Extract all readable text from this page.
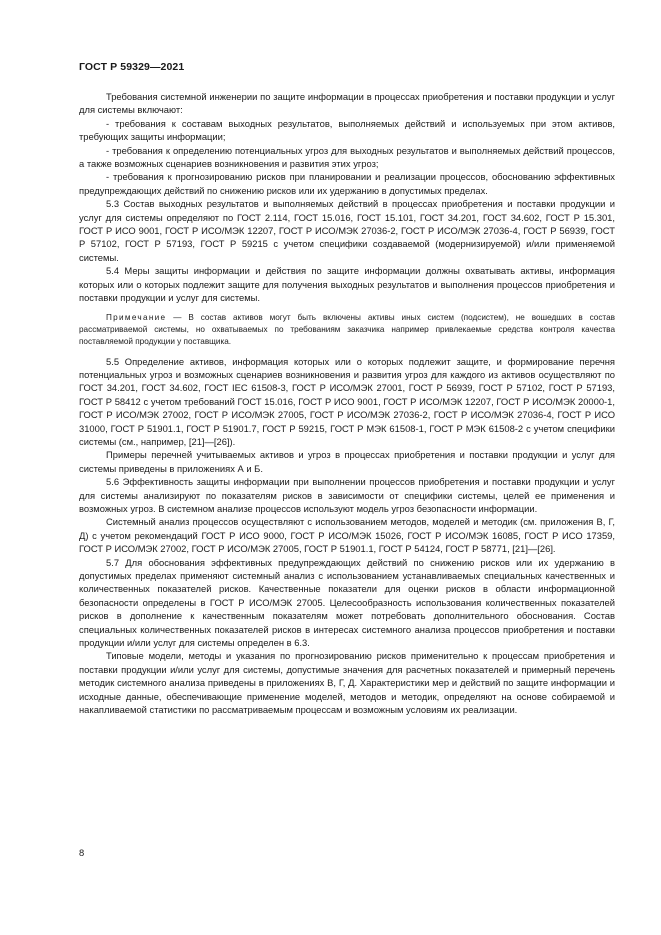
ГОСТ Р 59329—2021

Требования системной инженерии по защите информации в процессах приобретения и поставки продукции и услуг для системы включают:

- требования к составам выходных результатов, выполняемых действий и используемых при этом активов, требующих защиты информации;

- требования к определению потенциальных угроз для выходных результатов и выполняемых действий процессов, а также возможных сценариев возникновения и развития этих угроз;

- требования к прогнозированию рисков при планировании и реализации процессов, обоснованию эффективных предупреждающих действий по снижению рисков или их удержанию в допустимых пределах.

5.3 Состав выходных результатов и выполняемых действий в процессах приобретения и поставки продукции и услуг для системы определяют по ГОСТ 2.114, ГОСТ 15.016, ГОСТ 15.101, ГОСТ 34.201, ГОСТ 34.602, ГОСТ Р 15.301, ГОСТ Р ИСО 9001, ГОСТ Р ИСО/МЭК 12207, ГОСТ Р ИСО/МЭК 27036-2, ГОСТ Р ИСО/МЭК 27036-4, ГОСТ Р 56939, ГОСТ Р 57102, ГОСТ Р 57193, ГОСТ Р 59215 с учетом специфики создаваемой (модернизируемой) и/или применяемой системы.

5.4 Меры защиты информации и действия по защите информации должны охватывать активы, информация которых или о которых подлежит защите для получения выходных результатов и выполнения процессов приобретения и поставки продукции и услуг для системы.

Примечание — В состав активов могут быть включены активы иных систем (подсистем), не вошедших в состав рассматриваемой системы, но охватываемых по требованиям заказчика например привлекаемые средства контроля качества поставляемой продукции у поставщика.

5.5 Определение активов, информация которых или о которых подлежит защите, и формирование перечня потенциальных угроз и возможных сценариев возникновения и развития угроз для каждого из активов осуществляют по ГОСТ 34.201, ГОСТ 34.602, ГОСТ IEC 61508-3, ГОСТ Р ИСО/МЭК 27001, ГОСТ Р 56939, ГОСТ Р 57102, ГОСТ Р 57193, ГОСТ Р 58412 с учетом требований ГОСТ 15.016, ГОСТ Р ИСО 9001, ГОСТ Р ИСО/МЭК 12207, ГОСТ Р ИСО/МЭК 20000-1, ГОСТ Р ИСО/МЭК 27002, ГОСТ Р ИСО/МЭК 27005, ГОСТ Р ИСО/МЭК 27036-2, ГОСТ Р ИСО/МЭК 27036-4, ГОСТ Р ИСО 31000, ГОСТ Р 51901.1, ГОСТ Р 51901.7, ГОСТ Р 59215, ГОСТ Р МЭК 61508-1, ГОСТ Р МЭК 61508-2 с учетом специфики системы (см., например, [21]—[26]).

Примеры перечней учитываемых активов и угроз в процессах приобретения и поставки продукции и услуг для системы приведены в приложениях А и Б.

5.6 Эффективность защиты информации при выполнении процессов приобретения и поставки продукции и услуг для системы анализируют по показателям рисков в зависимости от специфики системы, целей ее применения и возможных угроз. В системном анализе процессов используют модель угроз безопасности информации.

Системный анализ процессов осуществляют с использованием методов, моделей и методик (см. приложения В, Г, Д) с учетом рекомендаций ГОСТ Р ИСО 9000, ГОСТ Р ИСО/МЭК 15026, ГОСТ Р ИСО/МЭК 16085, ГОСТ Р ИСО 17359, ГОСТ Р ИСО/МЭК 27002, ГОСТ Р ИСО/МЭК 27005, ГОСТ Р 51901.1, ГОСТ Р 54124, ГОСТ Р 58771, [21]—[26].

5.7 Для обоснования эффективных предупреждающих действий по снижению рисков или их удержанию в допустимых пределах применяют системный анализ с использованием устанавливаемых специальных качественных и количественных показателей рисков. Качественные показатели для оценки рисков в области информационной безопасности определены в ГОСТ Р ИСО/МЭК 27005. Целесообразность использования количественных показателей рисков в дополнение к качественным показателям может потребовать дополнительного обоснования. Состав специальных количественных показателей рисков в интересах системного анализа процессов приобретения и поставки продукции и/или услуг для системы определен в 6.3.

Типовые модели, методы и указания по прогнозированию рисков применительно к процессам приобретения и поставки продукции и/или услуг для системы, допустимые значения для расчетных показателей и примерный перечень методик системного анализа приведены в приложениях В, Г, Д. Характеристики мер и действий по защите информации и исходные данные, обеспечивающие применение моделей, методов и методик, определяют на основе собираемой и накапливаемой статистики по рассматриваемым процессам и возможным условиям их реализации.

8
